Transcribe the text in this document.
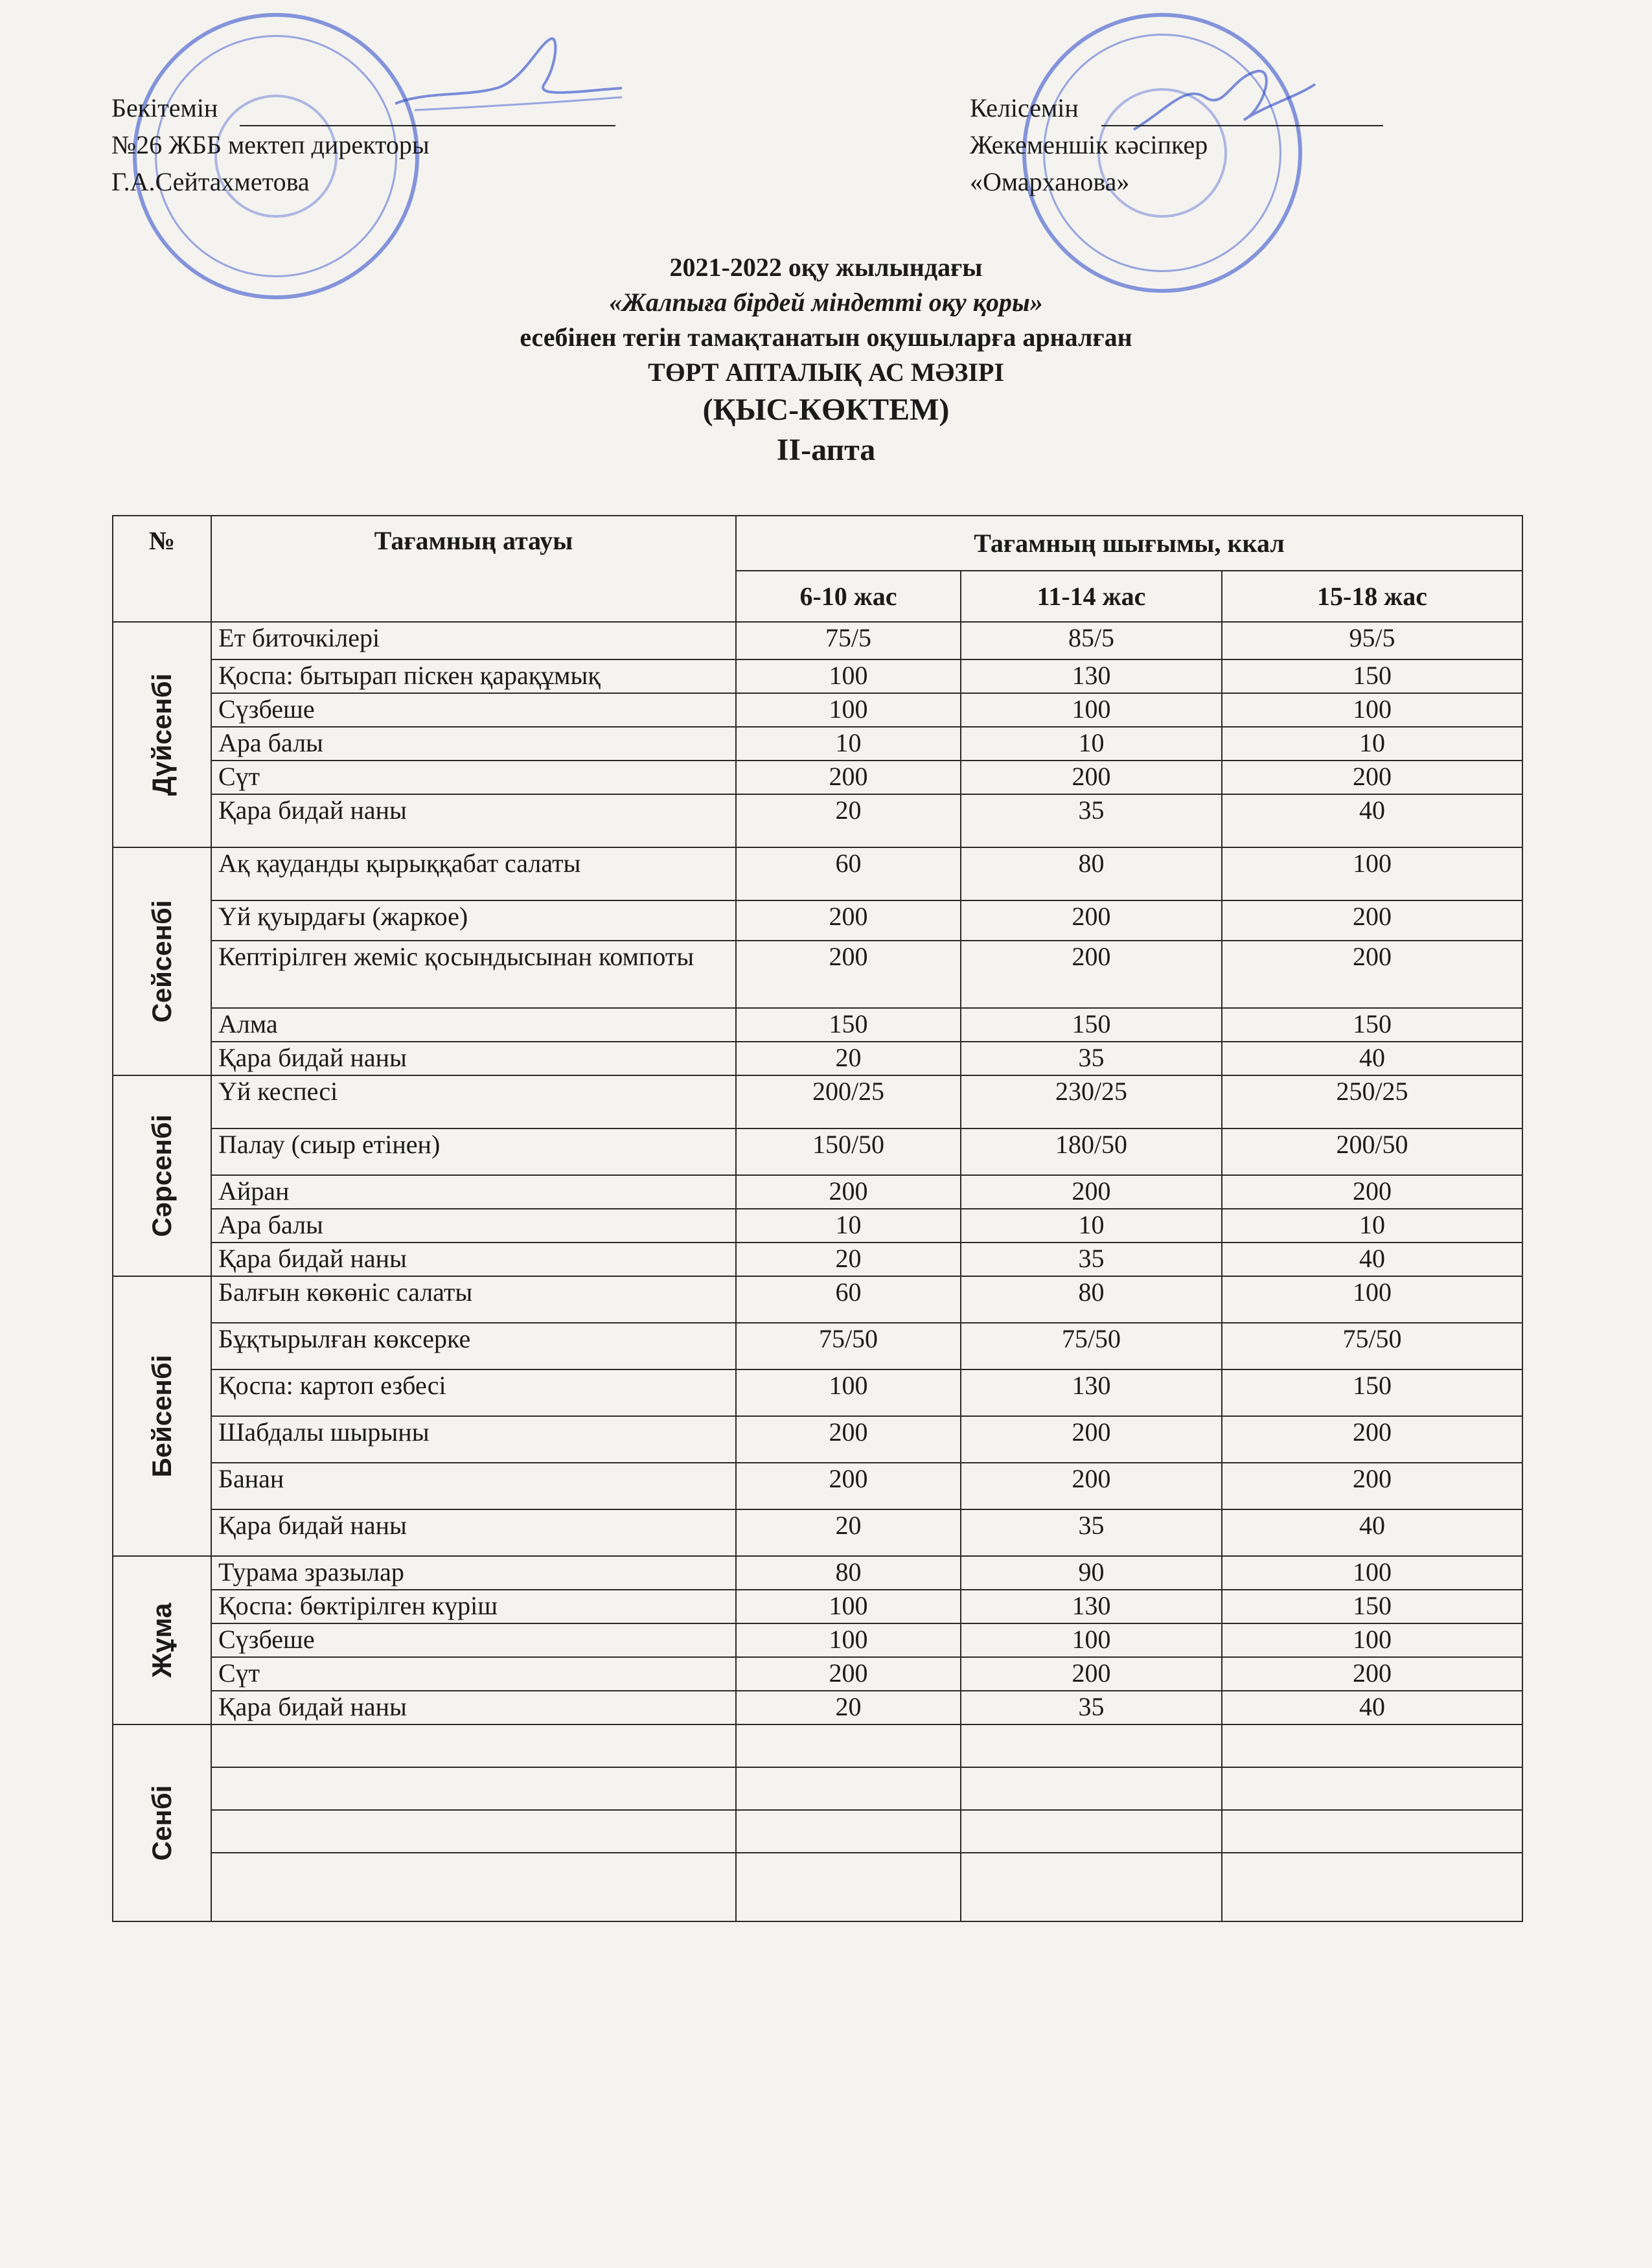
Бекітемін
№26 ЖББ мектеп директоры
Г.А.Сейтахметова
Келісемін
Жекеменшік кәсіпкер
«Омарханова»
2021-2022 оқу жылындағы
«Жалпыға бірдей міндетті оқу қоры»
есебінен тегін тамақтанатын оқушыларға арналған
ТӨРТ АПТАЛЫҚ АС МӘЗІРІ
(ҚЫС-КӨКТЕМ)
ІІ-апта
№	Тағамның атауы	Тағамның шығымы, ккал		
		6-10 жас	11-14 жас	15-18 жас

Дүйсенбі	Ет биточкілері	75/5	85/5	95/5
	Қоспа: бытырап піскен қарақұмық	100	130	150
	Сүзбеше	100	100	100
	Ара балы	10	10	10
	Сүт	200	200	200
	Қара бидай наны	20	35	40

Сейсенбі	Ақ қауданды қырыққабат салаты	60	80	100
	Үй қуырдағы (жаркое)	200	200	200
	Кептірілген жеміс қосындысынан компоты	200	200	200
	Алма	150	150	150
	Қара бидай наны	20	35	40

Сәрсенбі	Үй кеспесі	200/25	230/25	250/25
	Палау (сиыр етінен)	150/50	180/50	200/50
	Айран	200	200	200
	Ара балы	10	10	10
	Қара бидай наны	20	35	40

Бейсенбі	Балғын көкөніс салаты	60	80	100
	Бұқтырылған көксерке	75/50	75/50	75/50
	Қоспа: картоп езбесі	100	130	150
	Шабдалы шырыны	200	200	200
	Банан	200	200	200
	Қара бидай наны	20	35	40

Жұма	Турама зразылар	80	90	100
	Қоспа: бөктірілген күріш	100	130	150
	Сүзбеше	100	100	100
	Сүт	200	200	200
	Қара бидай наны	20	35	40

Сенбі				
